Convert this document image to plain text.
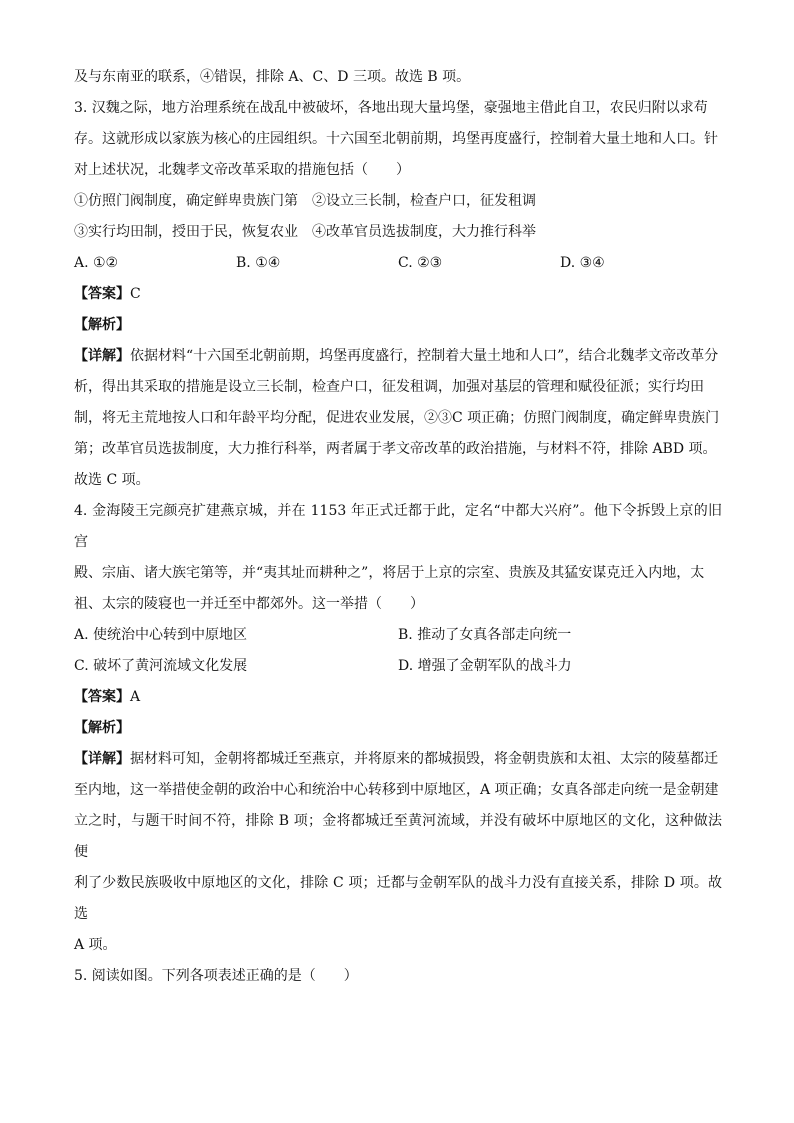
及与东南亚的联系，④错误，排除 A、C、D 三项。故选 B 项。

3. 汉魏之际，地方治理系统在战乱中被破坏，各地出现大量坞堡，豪强地主借此自卫，农民归附以求苟

存。这就形成以家族为核心的庄园组织。十六国至北朝前期，坞堡再度盛行，控制着大量土地和人口。针

对上述状况，北魏孝文帝改革采取的措施包括（　　）

①仿照门阀制度，确定鲜卑贵族门第　②设立三长制，检查户口，征发租调

③实行均田制，授田于民，恢复农业　④改革官员选拔制度，大力推行科举

A. ①②	B. ①④	C. ②③	D. ③④

【答案】C

【解析】

【详解】依据材料“十六国至北朝前期，坞堡再度盛行，控制着大量土地和人口”，结合北魏孝文帝改革分

析，得出其采取的措施是设立三长制，检查户口，征发租调，加强对基层的管理和赋役征派；实行均田

制，将无主荒地按人口和年龄平均分配，促进农业发展，②③C 项正确；仿照门阀制度，确定鲜卑贵族门

第；改革官员选拔制度，大力推行科举，两者属于孝文帝改革的政治措施，与材料不符，排除 ABD 项。

故选 C 项。

4. 金海陵王完颜亮扩建燕京城，并在 1153 年正式迁都于此，定名“中都大兴府”。他下令拆毁上京的旧宫

殿、宗庙、诸大族宅第等，并“夷其址而耕种之”，将居于上京的宗室、贵族及其猛安谋克迁入内地，太

祖、太宗的陵寝也一并迁至中都郊外。这一举措（　　）

A. 使统治中心转到中原地区	B. 推动了女真各部走向统一
C. 破坏了黄河流域文化发展	D. 增强了金朝军队的战斗力

【答案】A

【解析】

【详解】据材料可知，金朝将都城迁至燕京，并将原来的都城损毁，将金朝贵族和太祖、太宗的陵墓都迁

至内地，这一举措使金朝的政治中心和统治中心转移到中原地区，A 项正确；女真各部走向统一是金朝建

立之时，与题干时间不符，排除 B 项；金将都城迁至黄河流域，并没有破坏中原地区的文化，这种做法便

利了少数民族吸收中原地区的文化，排除 C 项；迁都与金朝军队的战斗力没有直接关系，排除 D 项。故选

A 项。

5. 阅读如图。下列各项表述正确的是（　　）
